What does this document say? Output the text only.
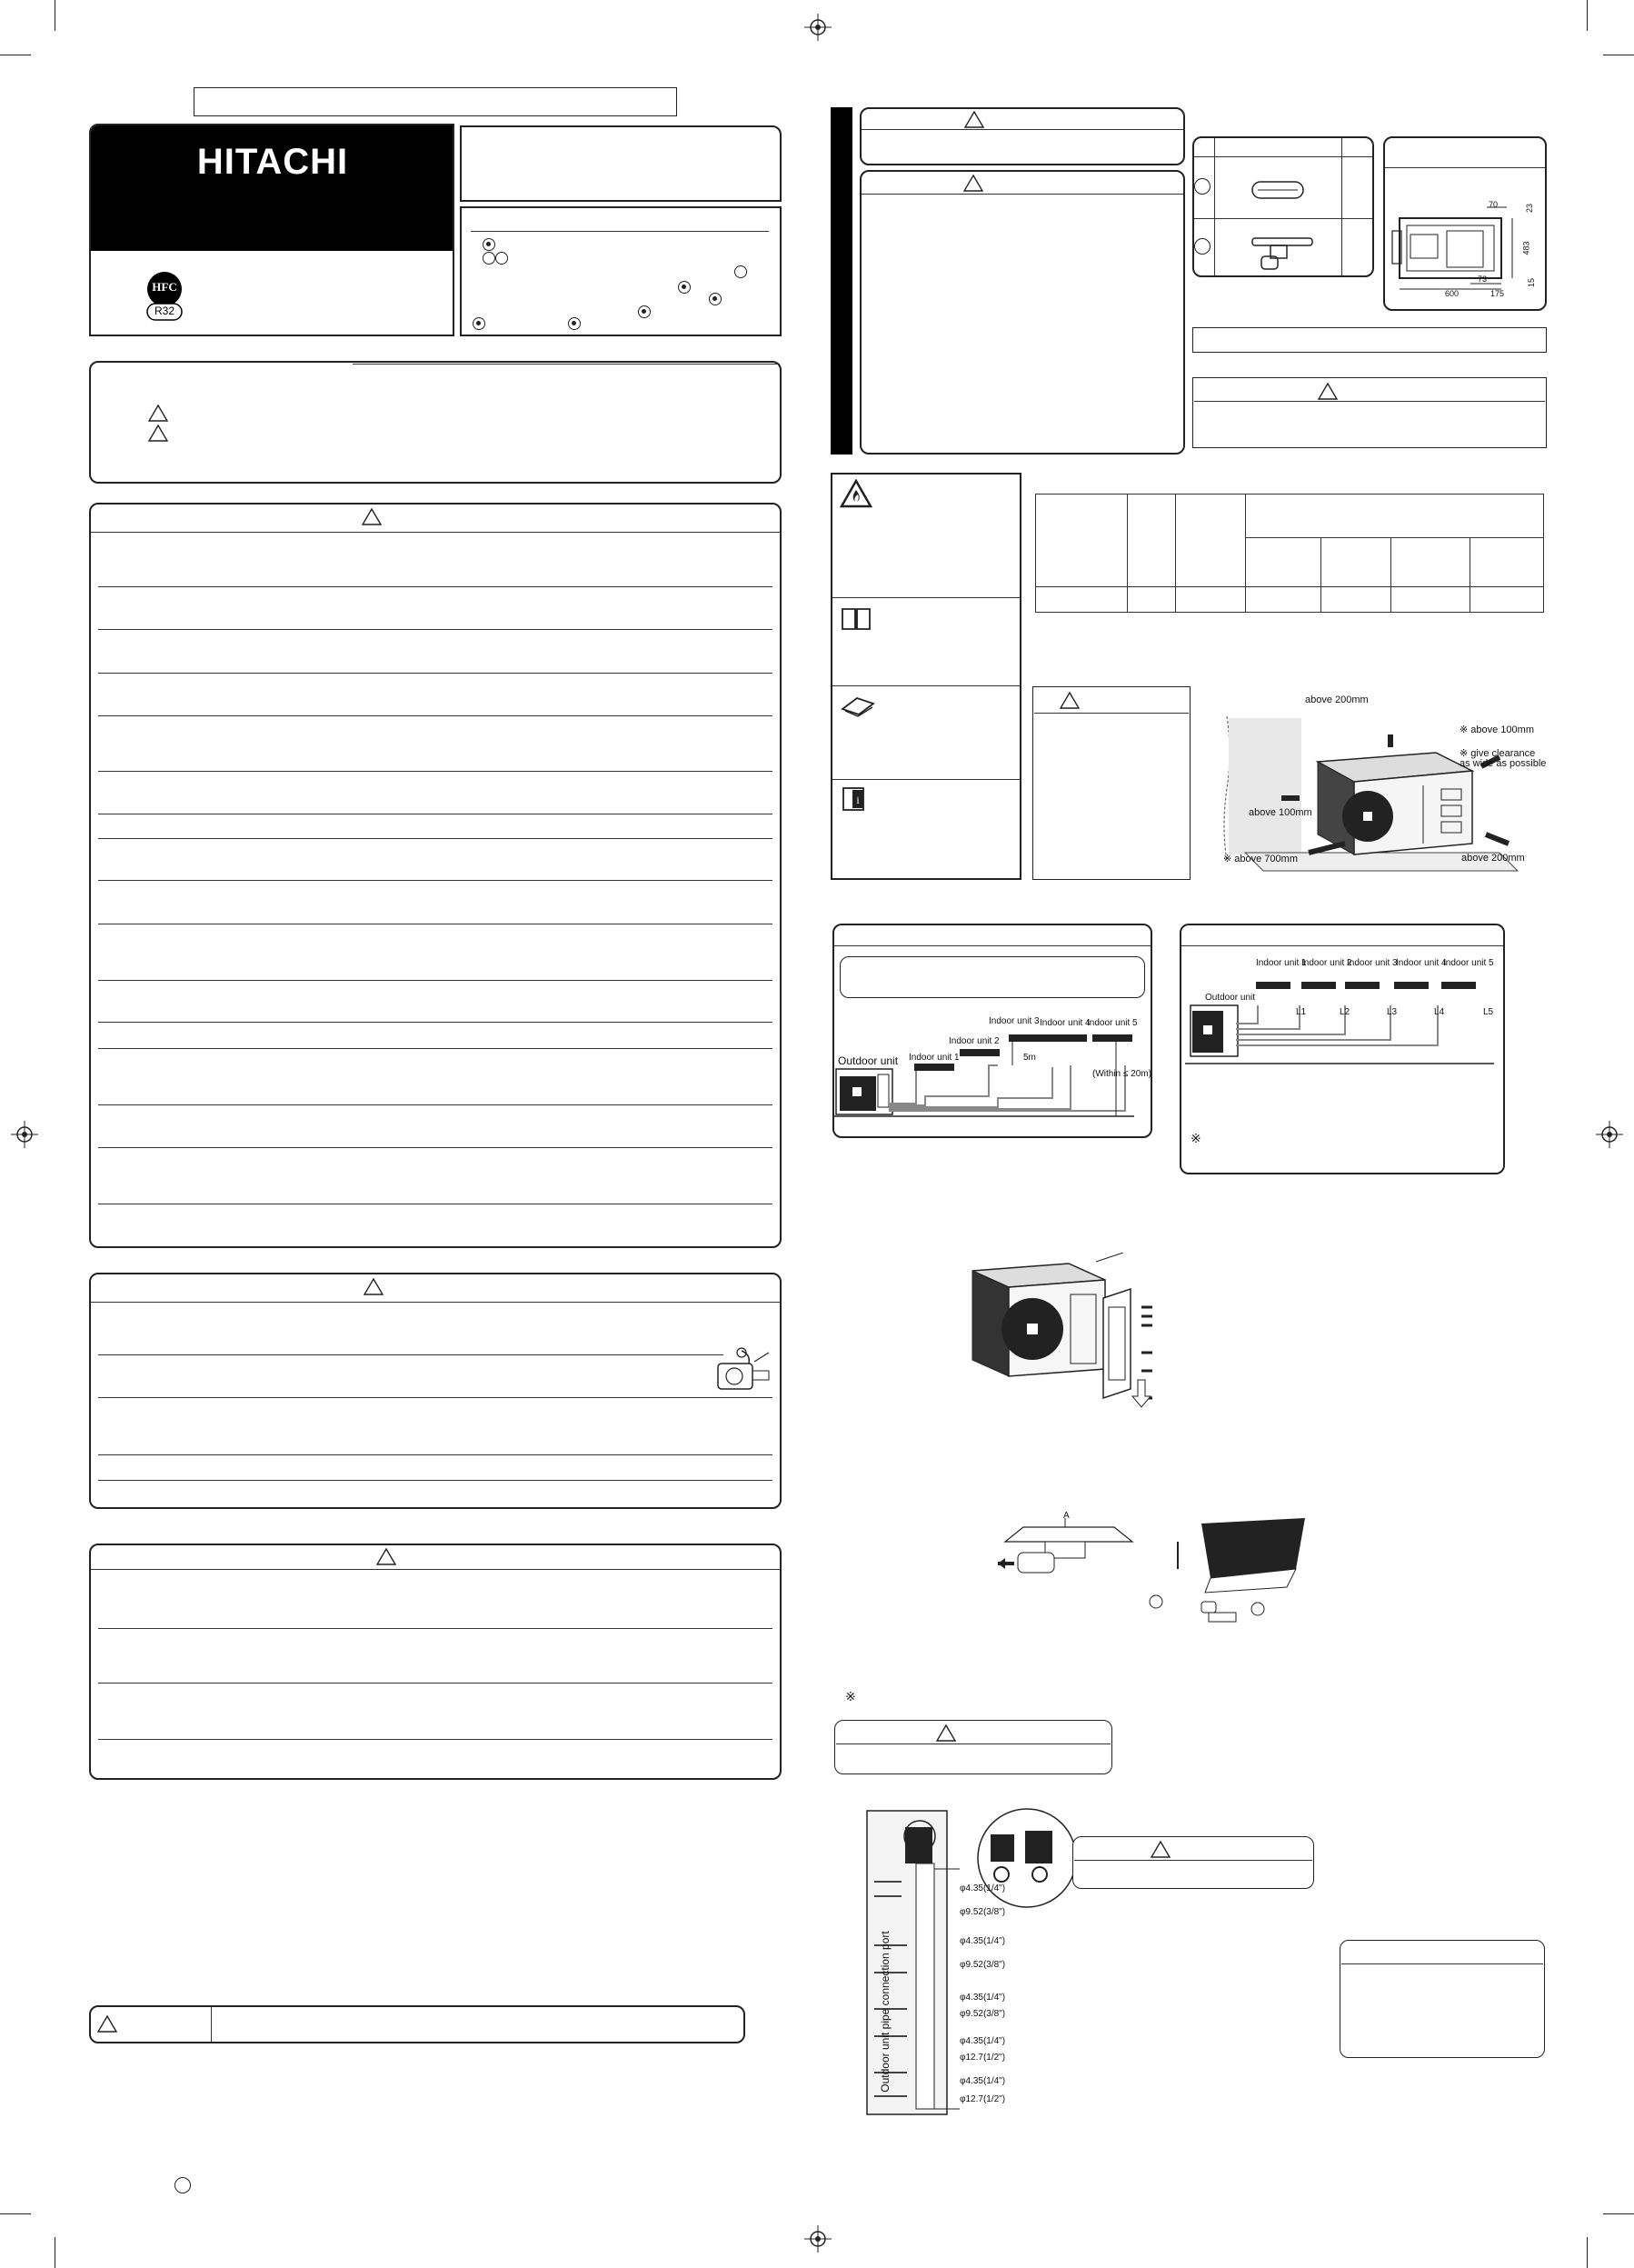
HITACHI
HFC
R32
70	23
483
15
73
600	175
i

above 200mm
※ above 100mm
※ give clearance
as wide as possible
above 100mm
※ above 700mm	above 200mm
Outdoor unit Indoor unit 1
Indoor unit 2
Indoor unit 3 Indoor unit 4
Indoor unit 5
5m
(Within ≤ 20m)
Outdoor unit
Indoor unit 1
Indoor unit 2
Indoor unit 3
Indoor unit 4
Indoor unit 5
L1	L2	L3	L4	L5
※
A
※
Outdoor unit pipe connection port
φ4.35(1/4")
φ9.52(3/8")
φ4.35(1/4")
φ9.52(3/8")
φ4.35(1/4")
φ9.52(3/8")
φ4.35(1/4")
φ12.7(1/2")
φ4.35(1/4")
φ12.7(1/2")
